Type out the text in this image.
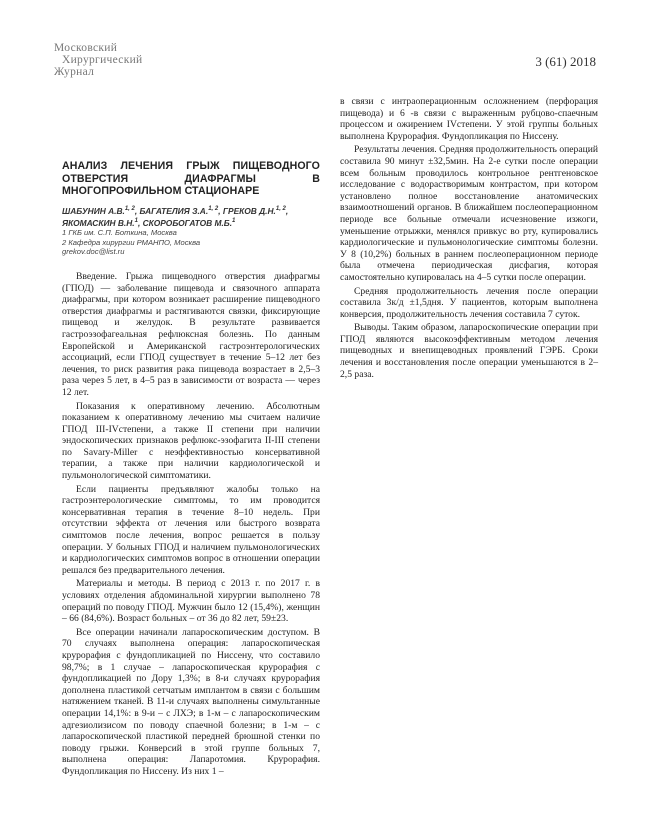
Московский
Хирургический
Журнал
3 (61) 2018
АНАЛИЗ ЛЕЧЕНИЯ ГРЫЖ ПИЩЕВОДНОГО ОТВЕРСТИЯ ДИАФРАГМЫ В МНОГОПРОФИЛЬНОМ СТАЦИОНАРЕ
ШАБУНИН А.В.$^{1, 2}$, БАГАТЕЛИЯ З.А.$^{1, 2}$, ГРЕКОВ Д.Н.$^{1, 2}$,
ЯКОМАСКИН В.Н.$^1$, СКОРОБОГАТОВ М.Б.$^1$
1 ГКБ им. С.П. Боткина, Москва
2 Кафедра хирургии РМАНПО, Москва
grekov.doc@list.ru

Введение. Грыжа пищеводного отверстия диафрагмы (ГПОД) — заболевание пищевода и связочного аппарата диафрагмы, при котором возникает расширение пищеводного отверстия диафрагмы и растягиваются связки, фиксирующие пищевод и желудок. В результате развивается гастроэзофагеальная рефлюксная болезнь. По данным Европейской и Американской гастроэнтерологических ассоциаций, если ГПОД существует в течение 5–12 лет без лечения, то риск развития рака пищевода возрастает в 2,5–3 раза через 5 лет, в 4–5 раз в зависимости от возраста — через 12 лет.

Показания к оперативному лечению. Абсолютным показанием к оперативному лечению мы считаем наличие ГПОД III-IVстепени, а также II степени при наличии эндоскопических признаков рефлюкс-эзофагита II-III степени по Savary-Miller с неэффективностью консервативной терапии, а также при наличии кардиологической и пульмонологической симптоматики.

Если пациенты предъявляют жалобы только на гастроэнтерологические симптомы, то им проводится консервативная терапия в течение 8–10 недель. При отсутствии эффекта от лечения или быстрого возврата симптомов после лечения, вопрос решается в пользу операции. У больных ГПОД и наличием пульмонологических и кардиологических симптомов вопрос в отношении операции решался без предварительного лечения.

Материалы и методы. В период с 2013 г. по 2017 г. в условиях отделения абдоминальной хирургии выполнено 78 операций по поводу ГПОД. Мужчин было 12 (15,4%), женщин – 66 (84,6%). Возраст больных – от 36 до 82 лет, 59±23.

Все операции начинали лапароскопическим доступом. В 70 случаях выполнена операция: лапароскопическая крурорафия с фундопликацией по Ниссену, что составило 98,7%; в 1 случае – лапароскопическая крурорафия с фундопликацией по Дору 1,3%; в 8-и случаях крурорафия дополнена пластикой сетчатым имплантом в связи с большим натяжением тканей. В 11-и случаях выполнены симультанные операции 14,1%: в 9-и – с ЛХЭ; в 1-м – с лапароскопическим адгезиолизисом по поводу спаечной болезни; в 1-м – с лапароскопической пластикой передней брюшной стенки по поводу грыжи. Конверсий в этой группе больных 7, выполнена операция: Лапаротомия. Крурорафия. Фундопликация по Ниссену. Из них 1 –

в связи с интраоперационным осложнением (перфорация пищевода) и 6 -в связи с выраженным рубцово-спаечным процессом и ожирением IVстепени. У этой группы больных выполнена Крурорафия. Фундопликация по Ниссену.

Результаты лечения. Средняя продолжительность операций составила 90 минут ±32,5мин. На 2-е сутки после операции всем больным проводилось контрольное рентгеновское исследование с водорастворимым контрастом, при котором установлено полное восстановление анатомических взаимоотношений органов. В ближайшем послеоперационном периоде все больные отмечали исчезновение изжоги, уменьшение отрыжки, менялся привкус во рту, купировались кардиологические и пульмонологические симптомы болезни. У 8 (10,2%) больных в раннем послеоперационном периоде была отмечена периодическая дисфагия, которая самостоятельно купировалась на 4–5 сутки после операции.

Средняя продолжительность лечения после операции составила 3к/д ±1,5дня. У пациентов, которым выполнена конверсия, продолжительность лечения составила 7 суток.

Выводы. Таким образом, лапароскопические операции при ГПОД являются высокоэффективным методом лечения пищеводных и внепищеводных проявлений ГЭРБ. Сроки лечения и восстановления после операции уменьшаются в 2–2,5 раза.
